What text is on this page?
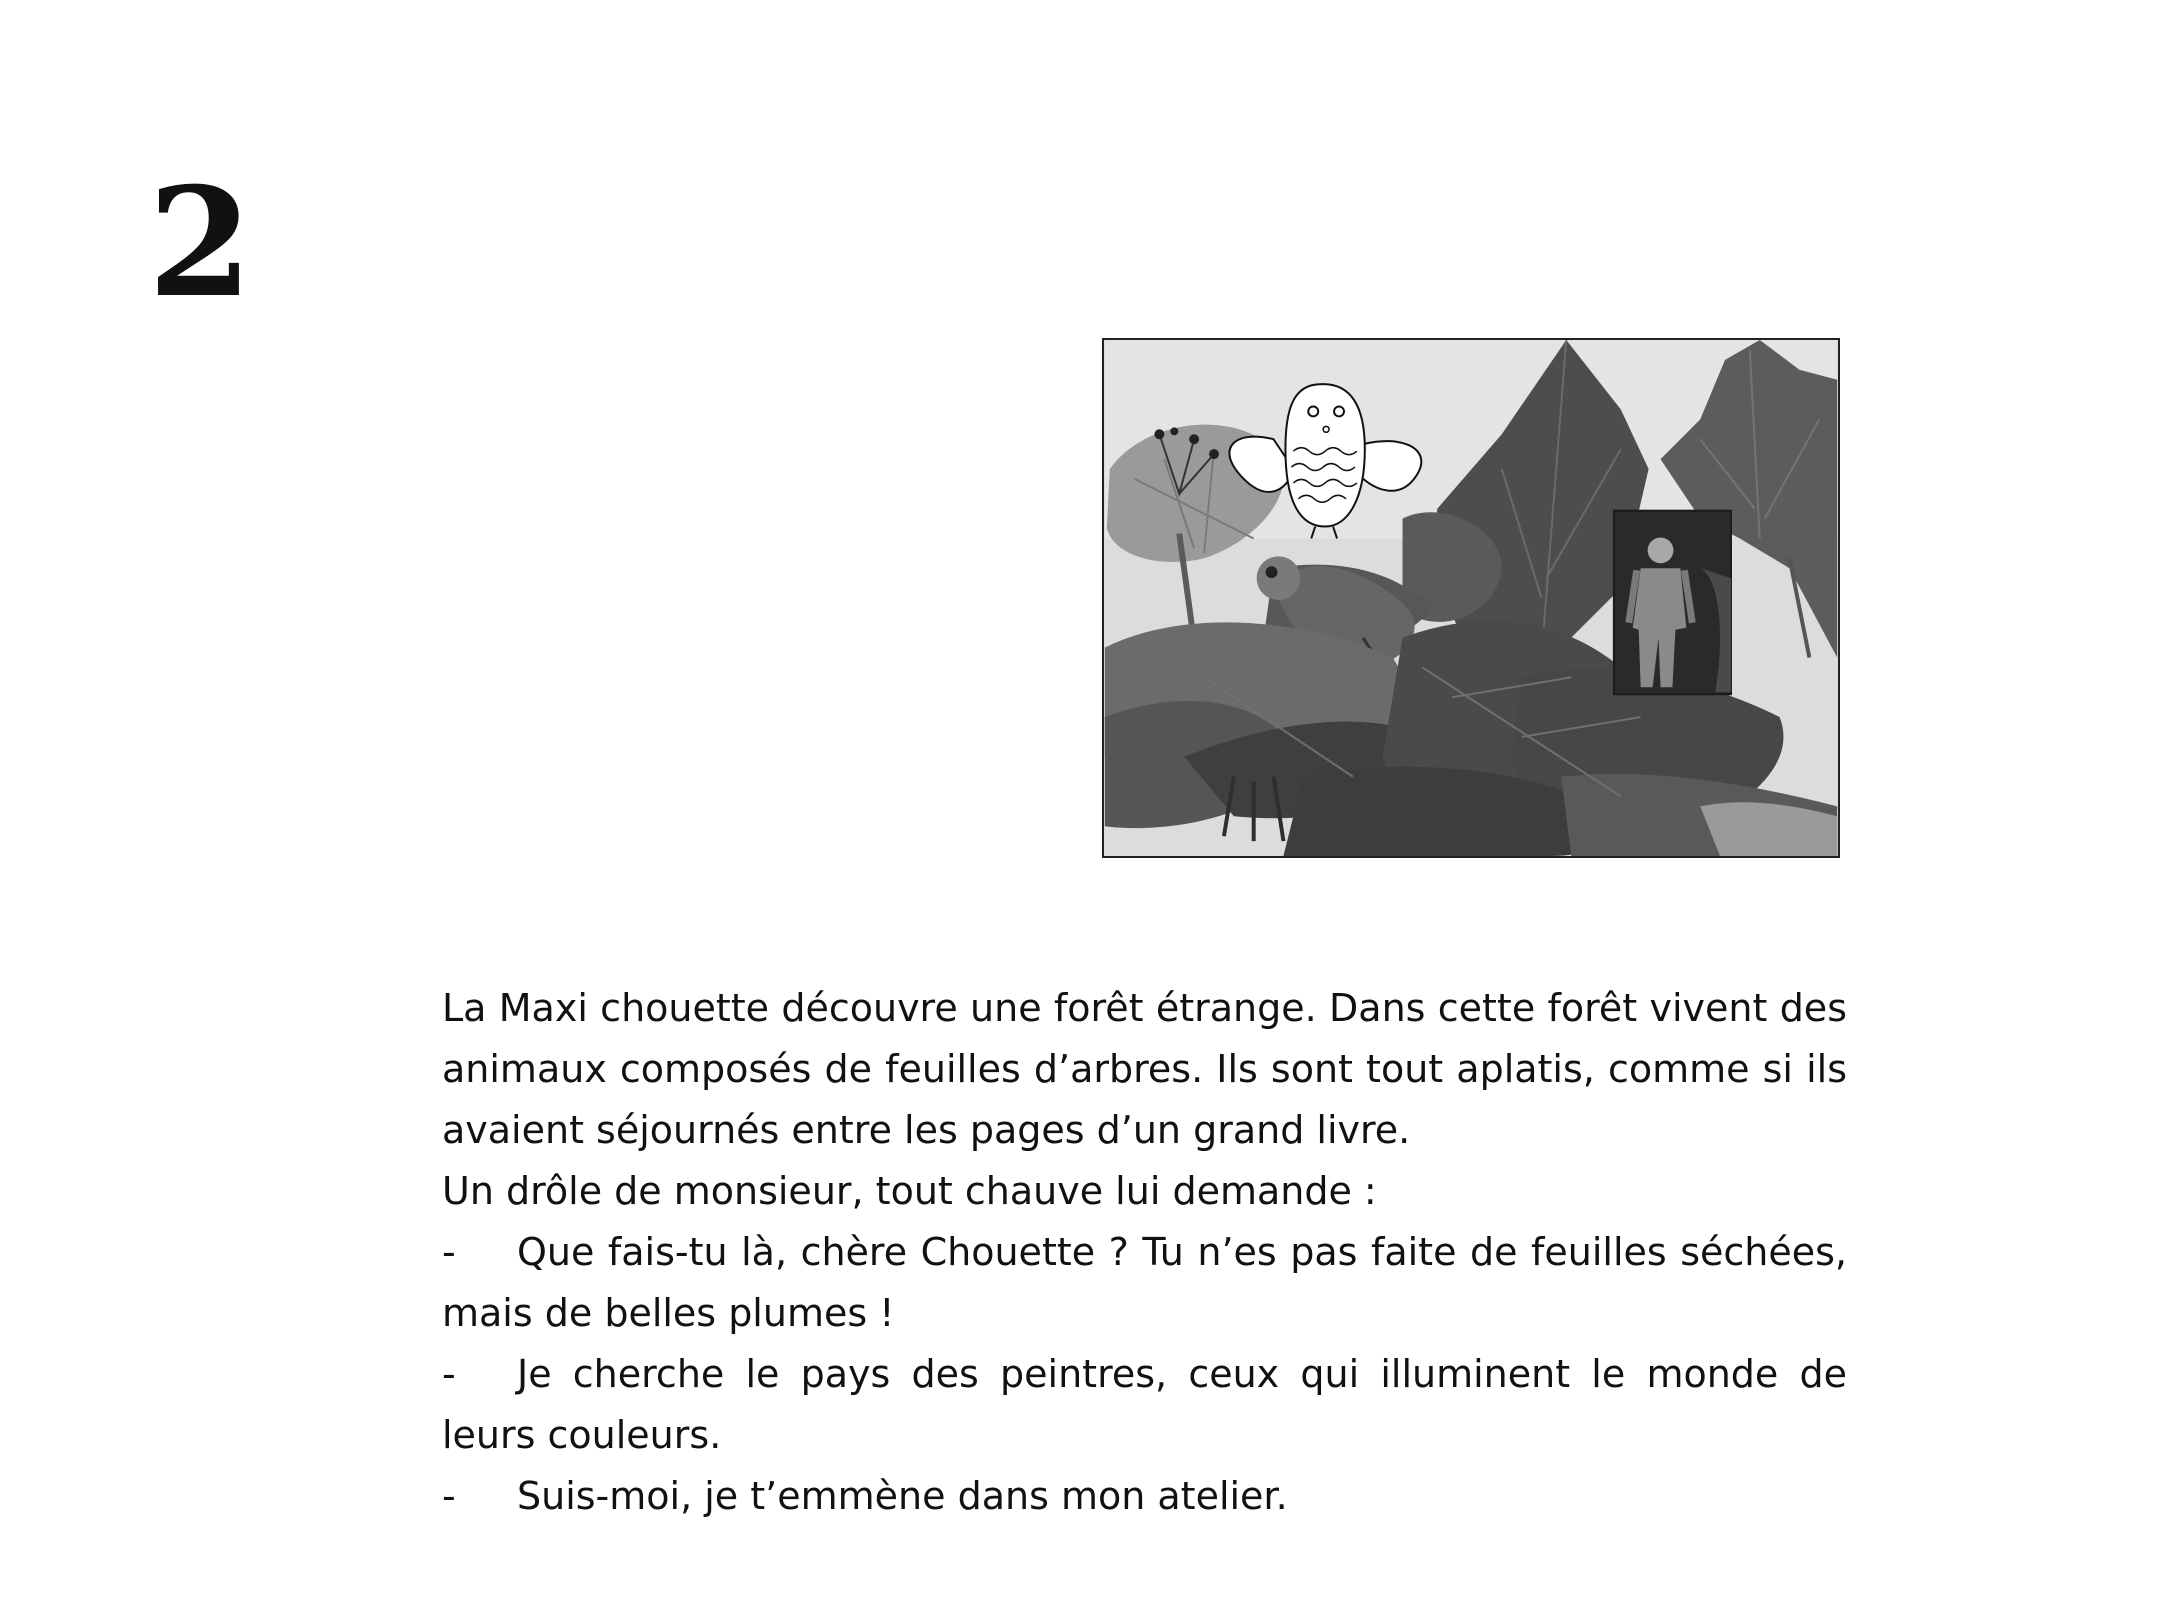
2

La Maxi chouette découvre une forêt étrange. Dans cette forêt vivent des animaux composés de feuilles d’arbres. Ils sont tout aplatis, comme si ils avaient séjournés entre les pages d’un grand livre.

Un drôle de monsieur, tout chauve lui demande :

- Que fais-tu là, chère Chouette ? Tu n’es pas faite de feuilles séchées, mais de belles plumes !

- Je cherche le pays des peintres, ceux qui illuminent le monde de leurs couleurs.

- Suis-moi, je t’emmène dans mon atelier.
